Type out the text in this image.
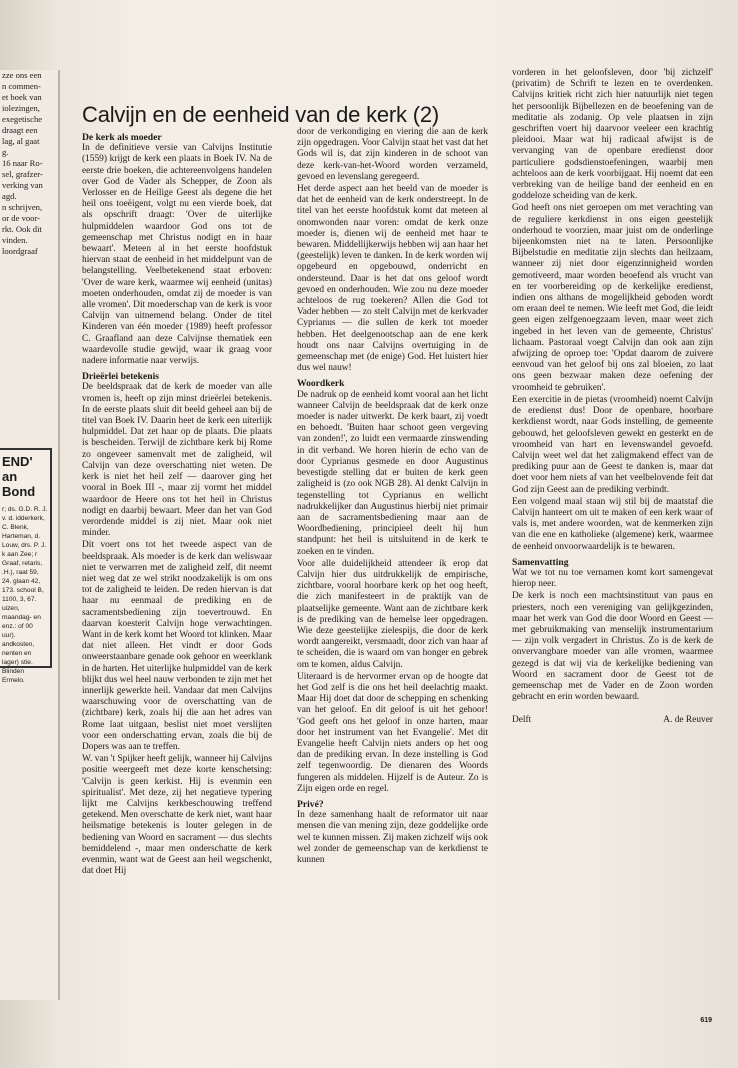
zze ons een

n commen-

et boek van

iolezingen,

exegetische

draagt een

lag, al gaat

g.

16 naar Ro-

sel, grafzer-

verking van

agd.

n schrijven,

or de voor-

rkt. Ook dit

vinden.

loordgraaf

END' an Bond
r; ds. G.D. R. J. v. d. idderkerk, C. Blenk, Harteman, d. Louw, drs. P. J. k aan Zee; r Graaf, retaris, .H.), raat 59, 24. glaan 42, 173. school B, 1100, 3, 67. uizen, maandag- en enz.: of 00 uur). andkosten, nenten en lager) stie. Blinden Ermelo.
Calvijn en de eenheid van de kerk (2)
De kerk als moeder

In de definitieve versie van Calvijns Institutie (1559) krijgt de kerk een plaats in Boek IV. Na de eerste drie boeken, die achtereenvolgens handelen over God de Vader als Schepper, de Zoon als Verlosser en de Heilige Geest als degene die het heil ons toeëigent, volgt nu een vierde boek, dat als opschrift draagt: 'Over de uiterlijke hulpmiddelen waardoor God ons tot de gemeenschap met Christus nodigt en in haar bewaart'. Meteen al in het eerste hoofdstuk hiervan staat de eenheid in het middelpunt van de belangstelling. Veelbetekenend staat erboven: 'Over de ware kerk, waarmee wij eenheid (unitas) moeten onderhouden, omdat zij de moeder is van alle vromen'. Dit moederschap van de kerk is voor Calvijn van uitnemend belang. Onder de titel Kinderen van één moeder (1989) heeft professor C. Graafland aan deze Calvijnse thematiek een waardevolle studie gewijd, waar ik graag voor nadere informatie naar verwijs.

Drieërlei betekenis

De beeldspraak dat de kerk de moeder van alle vromen is, heeft op zijn minst drieërlei betekenis. In de eerste plaats sluit dit beeld geheel aan bij de titel van Boek IV. Daarin heet de kerk een uiterlijk hulpmiddel. Dat zet haar op de plaats. Die plaats is bescheiden. Terwijl de zichtbare kerk bij Rome zo ongeveer samenvalt met de zaligheid, wil Calvijn van deze overschatting niet weten. De kerk is niet het heil zelf — daarover ging het vooral in Boek III -, maar zij vormt het middel waardoor de Heere ons tot het heil in Christus nodigt en daarbij bewaart. Meer dan het van God verordende middel is zij niet. Maar ook niet minder.

Dit voert ons tot het tweede aspect van de beeldspraak. Als moeder is de kerk dan weliswaar niet te verwarren met de zaligheid zelf, dit neemt niet weg dat ze wel strikt noodzakelijk is om ons tot de zaligheid te leiden. De reden hiervan is dat haar nu eenmaal de prediking en de sacramentsbediening zijn toevertrouwd. En daarvan koesterit Calvijn hoge verwachtingen. Want in de kerk komt het Woord tot klinken. Maar dat niet alleen. Het vindt er door Gods onweerstaanbare genade ook gehoor en weerklank in de harten. Het uiterlijke hulpmiddel van de kerk blijkt dus wel heel nauw verbonden te zijn met het innerlijk gewerkte heil. Vandaar dat men Calvijns waarschuwing voor de overschatting van de (zichtbare) kerk, zoals hij die aan het adres van Rome laat uitgaan, beslist niet moet verslijten voor een onderschatting ervan, zoals die bij de Dopers was aan te treffen.

W. van 't Spijker heeft gelijk, wanneer hij Calvijns positie weergeeft met deze korte kenschetsing: 'Calvijn is geen kerkist. Hij is evenmin een spiritualist'. Met deze, zij het negatieve typering lijkt me Calvijns kerkbeschouwing treffend getekend. Men overschatte de kerk niet, want haar heilsmatige betekenis is louter gelegen in de bediening van Woord en sacrament — dus slechts bemiddelend -, maar men onderschatte de kerk evenmin, want wat de Geest aan heil wegschenkt, dat doet Hij

door de verkondiging en viering die aan de kerk zijn opgedragen. Voor Calvijn staat het vast dat het Gods wil is, dat zijn kinderen in de schoot van deze kerk-van-het-Woord worden verzameld, gevoed en levenslang geregeerd.

Het derde aspect aan het beeld van de moeder is dat het de eenheid van de kerk onderstreept. In de titel van het eerste hoofdstuk komt dat meteen al onomwonden naar voren: omdat de kerk onze moeder is, dienen wij de eenheid met haar te bewaren. Middellijkerwijs hebben wij aan haar het (geestelijk) leven te danken. In de kerk worden wij opgebeurd en opgebouwd, onderricht en ondersteund. Daar is het dat ons geloof wordt gevoed en onderhouden. Wie zou nu deze moeder achteloos de rug toekeren? Allen die God tot Vader hebben — zo stelt Calvijn met de kerkvader Cyprianus — die sullen de kerk tot moeder hebben. Het deelgenootschap aan de ene kerk houdt ons naar Calvijns overtuiging in de gemeenschap met (de enige) God. Het luistert hier dus wel nauw!

Woordkerk

De nadruk op de eenheid komt vooral aan het licht wanneer Calvijn de beeldspraak dat de kerk onze moeder is nader uitwerkt. De kerk baart, zij voedt en behoedt. 'Buiten haar schoot geen vergeving van zonden!', zo luidt een vermaarde zinswending in dit verband. We horen hierin de echo van de door Cyprianus gesmede en door Augustinus bevestigde stelling dat er buiten de kerk geen zaligheid is (zo ook NGB 28). Al denkt Calvijn in tegenstelling tot Cyprianus en wellicht nadrukkelijker dan Augustinus hierbij niet primair aan de sacramentsbediening maar aan de Woordbediening, principieel deelt hij hun standpunt: het heil is uitsluitend in de kerk te zoeken en te vinden.

Voor alle duidelijkheid attendeer ik erop dat Calvijn hier dus uitdrukkelijk de empirische, zichtbare, vooral hoorbare kerk op het oog heeft, die zich manifesteert in de praktijk van de plaatselijke gemeente. Want aan de zichtbare kerk is de prediking van de hemelse leer opgedragen. Wie deze geestelijke zielespijs, die door de kerk wordt aangereikt, versmaadt, door zich van haar af te scheiden, die is waard om van honger en gebrek om te komen, aldus Calvijn.

Uiteraard is de hervormer ervan op de hoogte dat het God zelf is die ons het heil deelachtig maakt. Maar Hij doet dat door de schepping en schenking van het geloof. En dit geloof is uit het gehoor! 'God geeft ons het geloof in onze harten, maar door het instrument van het Evangelie'. Met dit Evangelie heeft Calvijn niets anders op het oog dan de prediking ervan. In deze instelling is God zelf tegenwoordig. De dienaren des Woords fungeren als middelen. Hijzelf is de Auteur. Zo is Zijn eigen orde en regel.

Privé?

In deze samenhang haalt de reformator uit naar mensen die van mening zijn, deze goddelijke orde wel te kunnen missen. Zij maken zichzelf wijs ook wel zonder de gemeenschap van de kerkdienst te kunnen

vorderen in het geloofsleven, door 'bij zichzelf' (privatim) de Schrift te lezen en te overdenken. Calvijns kritiek richt zich hier natuurlijk niet tegen het persoonlijk Bijbellezen en de beoefening van de meditatie als zodanig. Op vele plaatsen in zijn geschriften voert hij daarvoor veeleer een krachtig pleidooi. Maar wat hij radicaal afwijst is de vervanging van de openbare eredienst door particuliere godsdienstoefeningen, waarbij men achteloos aan de kerk voorbijgaat. Hij noemt dat een verbreking van de heilige band der eenheid en en goddeloze scheiding van de kerk.

God heeft ons niet geroepen om met verachting van de reguliere kerkdienst in ons eigen geestelijk onderhoud te voorzien, maar juist om de onderlinge bijeenkomsten niet na te laten. Persoonlijke Bijbelstudie en meditatie zijn slechts dan heilzaam, wanneer zij niet door eigenzinnigheid worden gemotiveerd, maar worden beoefend als vrucht van en ter voorbereiding op de kerkelijke eredienst, indien ons althans de mogelijkheid geboden wordt om eraan deel te nemen. Wie leeft met God, die leidt geen eigen zelfgenoegzaam leven, maar weet zich ingebed in het leven van de gemeente, Christus' lichaam. Pastoraal voegt Calvijn dan ook aan zijn afwijzing de oproep toe: 'Opdat daarom de zuivere eenvoud van het geloof bij ons zal bloeien, zo laat ons geen bezwaar maken deze oefening der vroomheid te gebruiken'.

Een exercitie in de pietas (vroomheid) noemt Calvijn de eredienst dus! Door de openbare, hoorbare kerkdienst wordt, naar Gods instelling, de gemeente gebouwd, het geloofsleven gewekt en gesterkt en de vroomheid van hart en levenswandel gevoefd. Calvijn weet wel dat het zaligmakend effect van de prediking puur aan de Geest te danken is, maar dat doet voor hem niets af van het veelbelovende feit dat God zijn Geest aan de prediking verbindt.

Een volgend maal staan wij stil bij de maatstaf die Calvijn hanteert om uit te maken of een kerk waar of vals is, met andere woorden, wat de kenmerken zijn van die ene en katholieke (algemene) kerk, waarmee de eenheid onvoorwaardelijk is te bewaren.

Samenvatting

Wat we tot nu toe vernamen komt kort samengevat hierop neer.

De kerk is noch een machtsinstituut van paus en priesters, noch een vereniging van gelijkgezinden, maar het werk van God die door Woord en Geest — met gebruikmaking van menselijk instrumentarium — zijn volk vergadert in Christus. Zo is de kerk de onvervangbare moeder van alle vromen, waarmee gezegd is dat wij via de kerkelijke bediening van Woord en sacrament door de Geest tot de gemeenschap met de Vader en de Zoon worden gebracht en erin worden bewaard.

Delft	A. de Reuver
619
